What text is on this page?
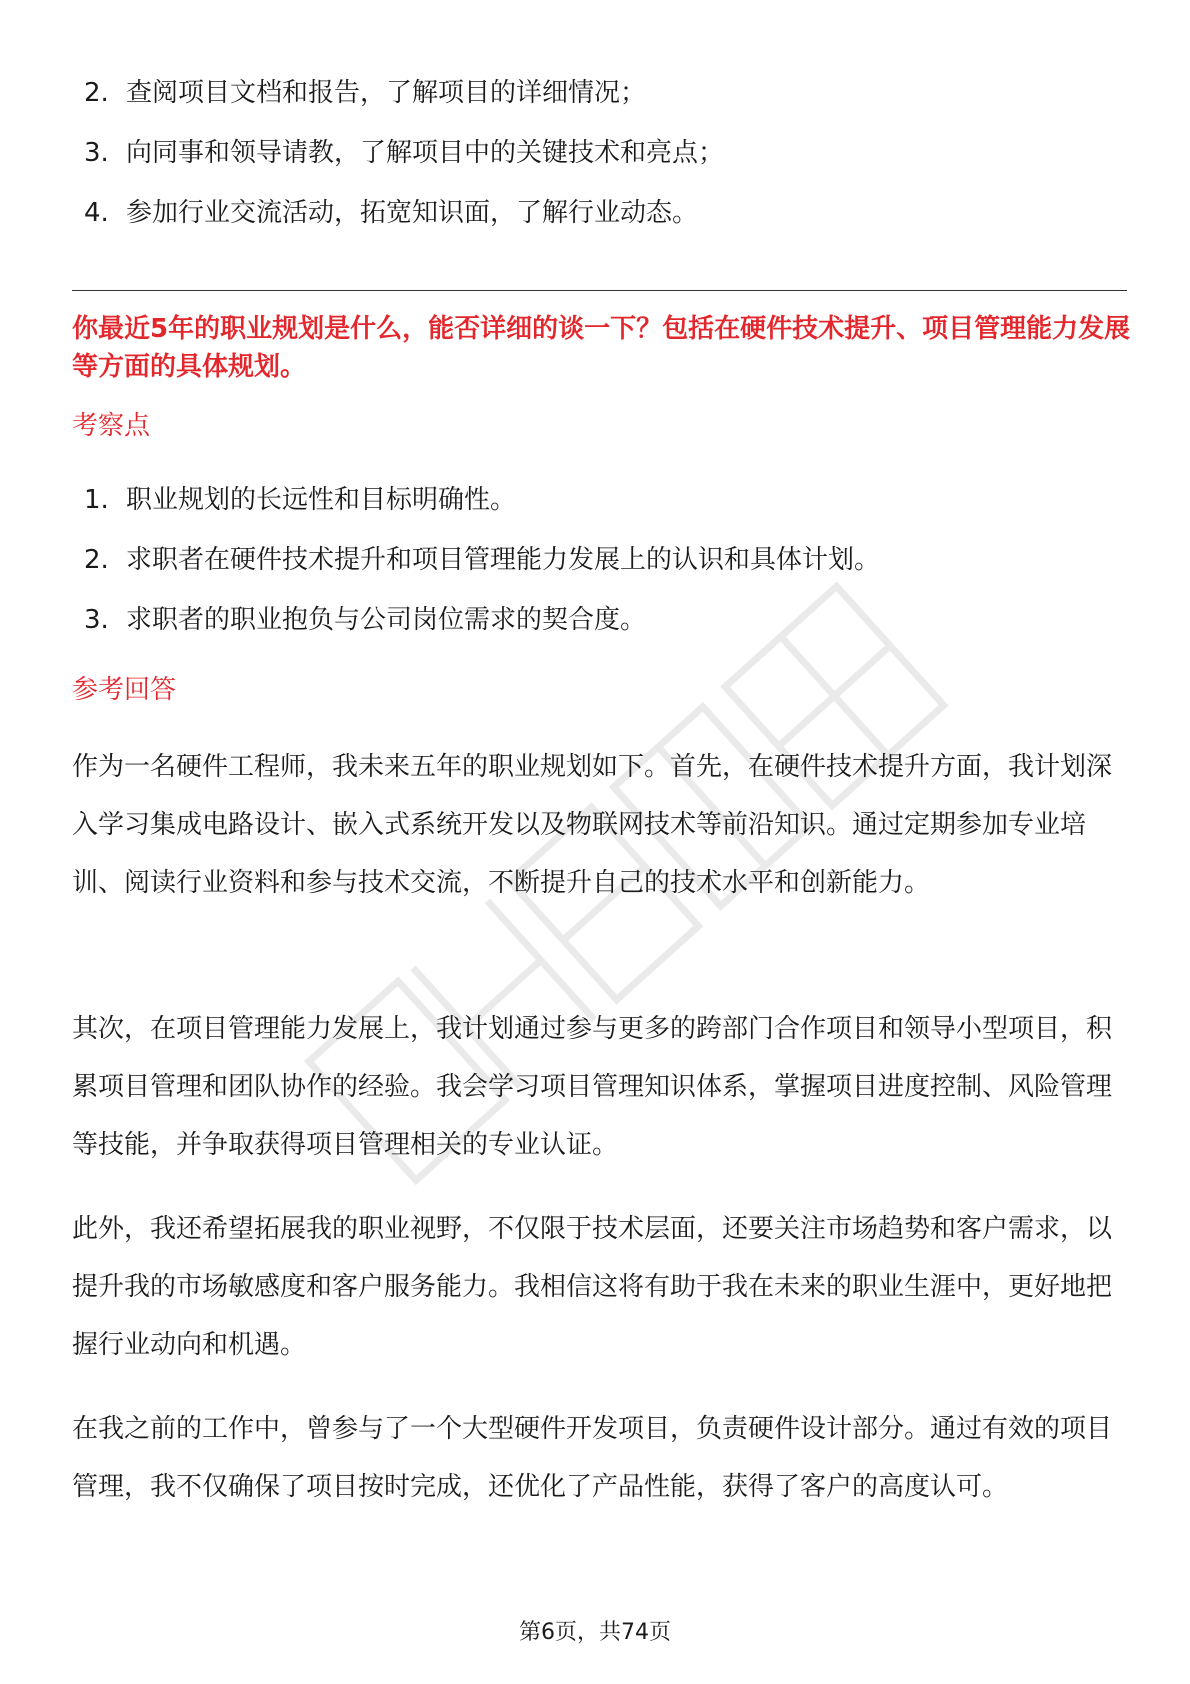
2. 查阅项目文档和报告，了解项目的详细情况；
3. 向同事和领导请教，了解项目中的关键技术和亮点；
4. 参加行业交流活动，拓宽知识面，了解行业动态。
你最近5年的职业规划是什么，能否详细的谈一下？包括在硬件技术提升、项目管理能力发展等方面的具体规划。
考察点
1. 职业规划的长远性和目标明确性。
2. 求职者在硬件技术提升和项目管理能力发展上的认识和具体计划。
3. 求职者的职业抱负与公司岗位需求的契合度。
参考回答

作为一名硬件工程师，我未来五年的职业规划如下。首先，在硬件技术提升方面，我计划深入学习集成电路设计、嵌入式系统开发以及物联网技术等前沿知识。通过定期参加专业培训、阅读行业资料和参与技术交流，不断提升自己的技术水平和创新能力。

其次，在项目管理能力发展上，我计划通过参与更多的跨部门合作项目和领导小型项目，积累项目管理和团队协作的经验。我会学习项目管理知识体系，掌握项目进度控制、风险管理等技能，并争取获得项目管理相关的专业认证。

此外，我还希望拓展我的职业视野，不仅限于技术层面，还要关注市场趋势和客户需求，以提升我的市场敏感度和客户服务能力。我相信这将有助于我在未来的职业生涯中，更好地把握行业动向和机遇。

在我之前的工作中，曾参与了一个大型硬件开发项目，负责硬件设计部分。通过有效的项目管理，我不仅确保了项目按时完成，还优化了产品性能，获得了客户的高度认可。

第6页，共74页
